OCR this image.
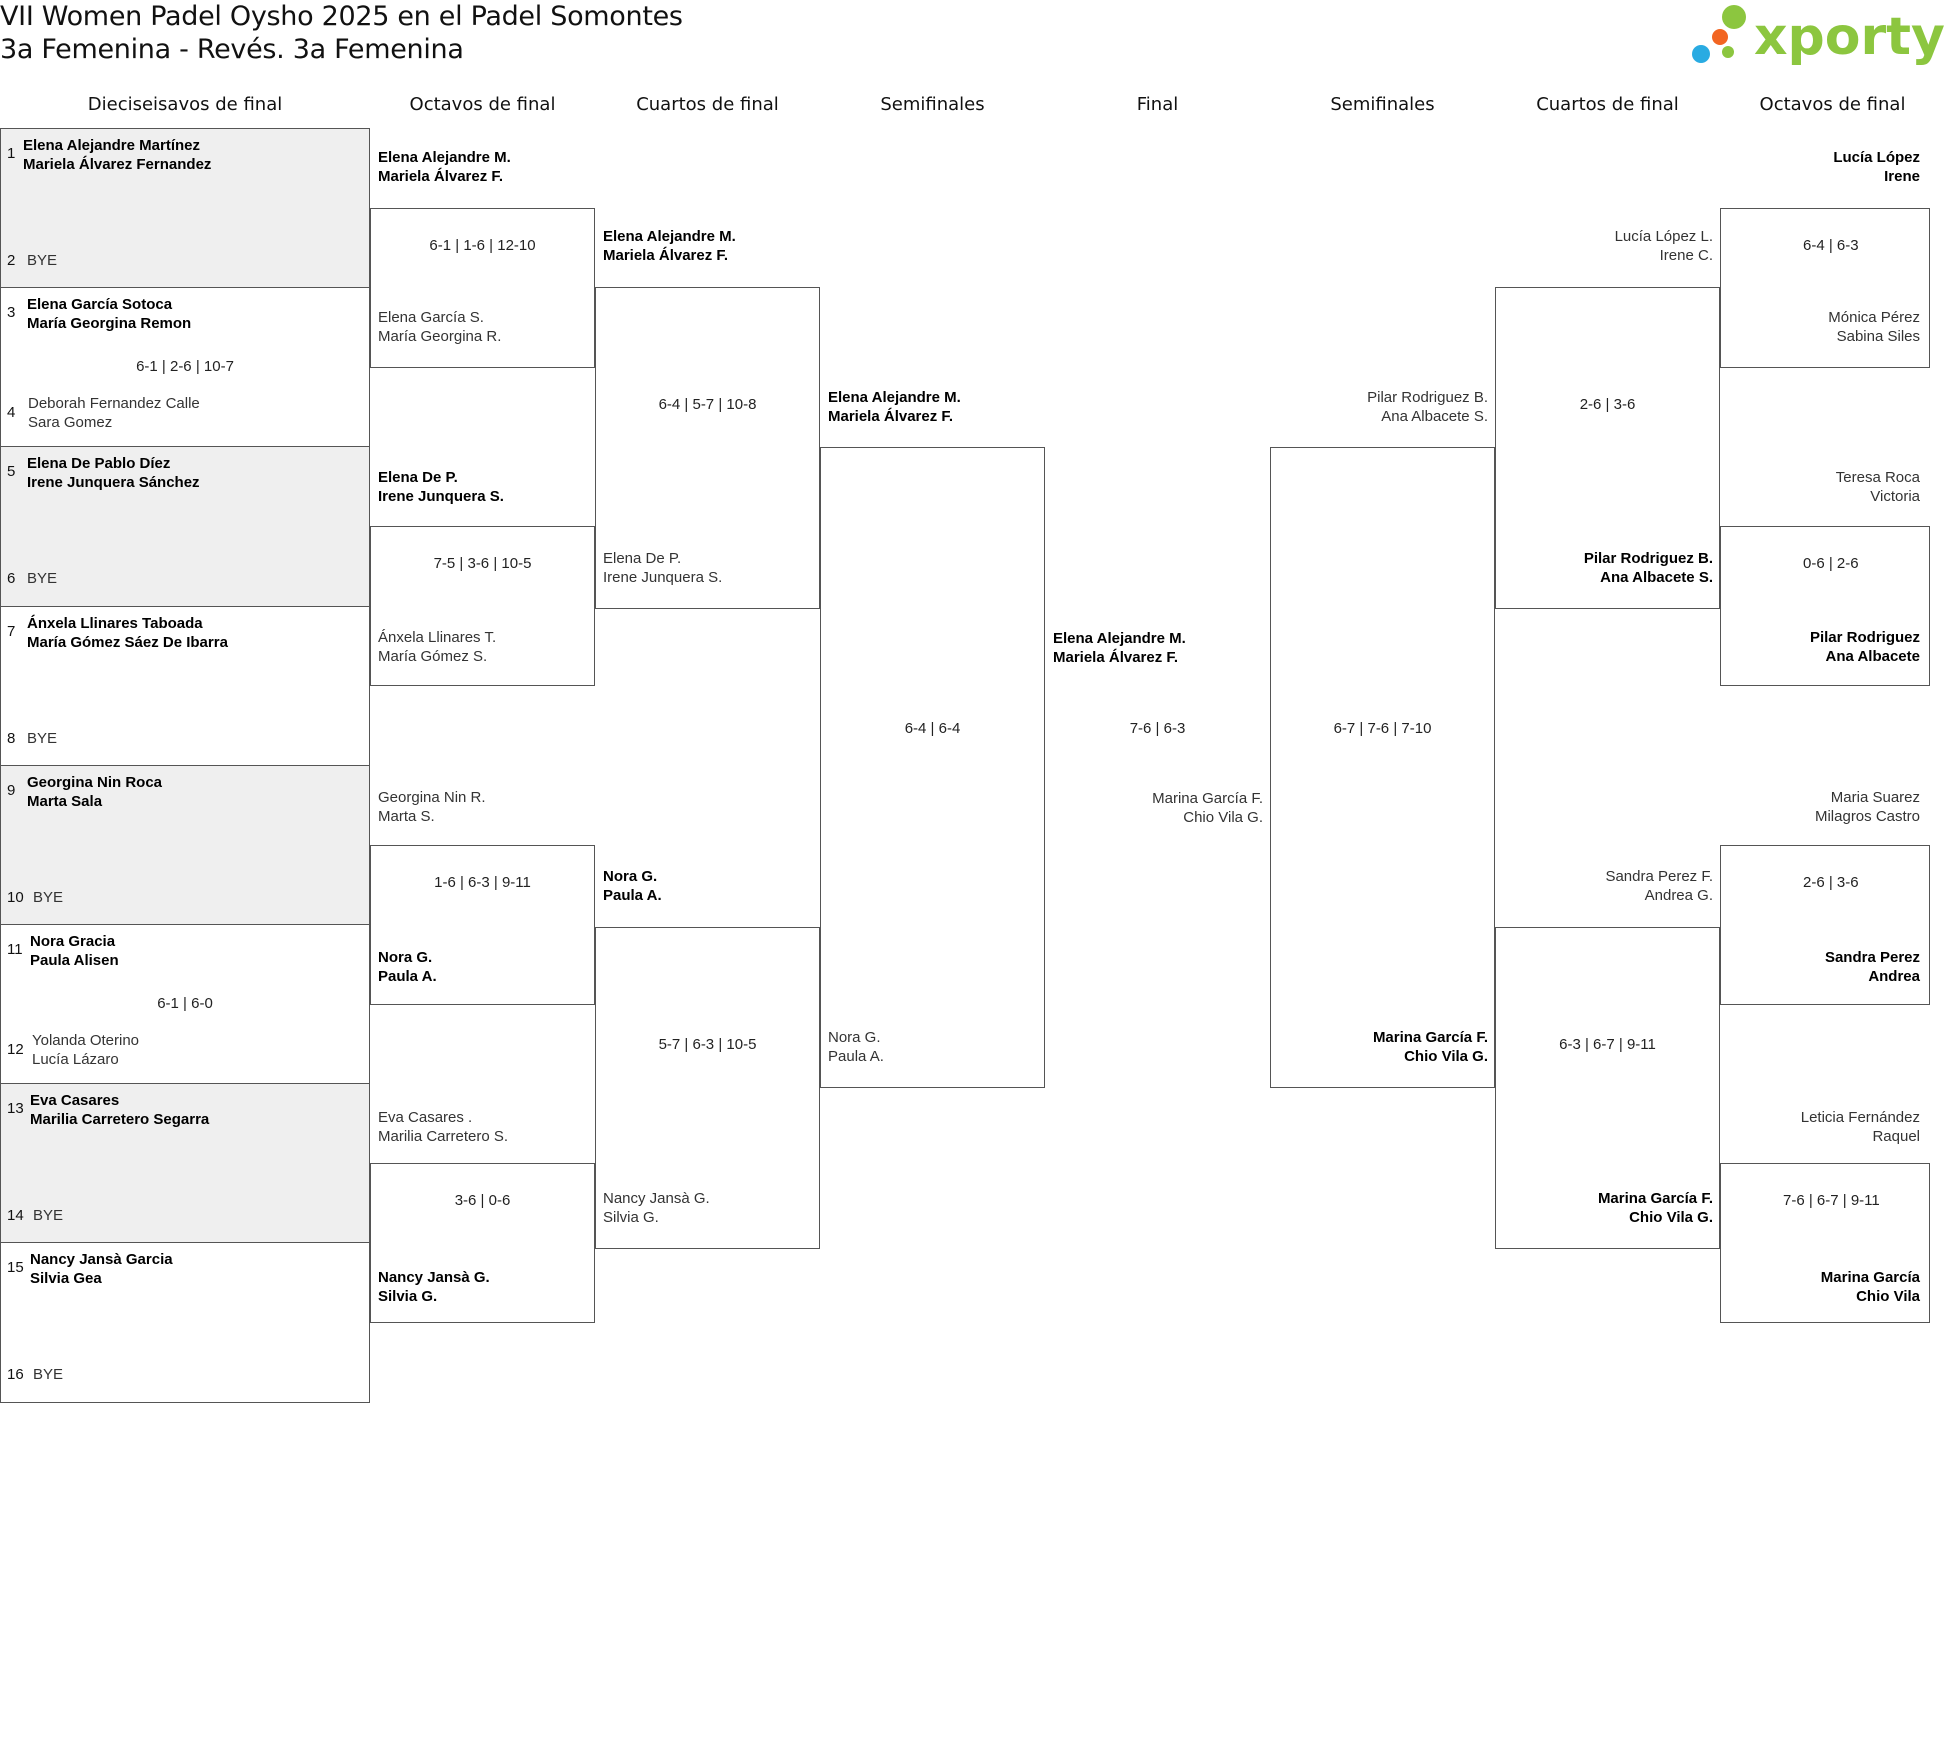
VII Women Padel Oysho 2025 en el Padel Somontes
3a Femenina - Revés. 3a Femenina	xporty
Dieciseisavos de final	Octavos de final	Cuartos de final	Semifinales	Final	Semifinales	Cuartos de final	Octavos de final
1 Elena Alejandre Martínez
Mariela Álvarez Fernandez
2 BYE
3 Elena García Sotoca
María Georgina Remon
4
Deborah Fernandez Calle
Sara Gomez
6-1 | 2-6 | 10-7
5 Elena De Pablo Díez
Irene Junquera Sánchez
6 BYE
7 Ánxela Llinares Taboada
María Gómez Sáez De Ibarra
8 BYE
9 Georgina Nin Roca
Marta Sala
10 BYE
11 Nora Gracia
Paula Alisen
12
Yolanda Oterino
Lucía Lázaro
6-1 | 6-0
13 Eva Casares
Marilia Carretero Segarra
14 BYE
15 Nancy Jansà Garcia
Silvia Gea
16 BYE
Elena Alejandre M.
Mariela Álvarez F.
Elena García S.
María Georgina R.
6-1 | 1-6 | 12-10
Elena De P.
Irene Junquera S.
Ánxela Llinares T.
María Gómez S.
7-5 | 3-6 | 10-5
Georgina Nin R.
Marta S.
Nora G.
Paula A.
1-6 | 6-3 | 9-11
Eva Casares .
Marilia Carretero S.
Nancy Jansà G.
Silvia G.
3-6 | 0-6
Elena Alejandre M.
Mariela Álvarez F.
Elena De P.
Irene Junquera S.
6-4 | 5-7 | 10-8
Nora G.
Paula A.
Nancy Jansà G.
Silvia G.
5-7 | 6-3 | 10-5
Elena Alejandre M.
Mariela Álvarez F.
Nora G.
Paula A.
6-4 | 6-4
Elena Alejandre M.
Mariela Álvarez F.
Marina García F.
Chio Vila G.
7-6 | 6-3
Pilar Rodriguez B.
Ana Albacete S.
Marina García F.
Chio Vila G.
6-7 | 7-6 | 7-10
Lucía López L.
Irene C.
Pilar Rodriguez B.
Ana Albacete S.
2-6 | 3-6
Sandra Perez F.
Andrea G.
Marina García F.
Chio Vila G.
6-3 | 6-7 | 9-11
Lucía López
Irene
Mónica Pérez
Sabina Siles
6-4 | 6-3
Teresa Roca
Victoria
Pilar Rodriguez
Ana Albacete
0-6 | 2-6
Maria Suarez
Milagros Castro
Sandra Perez
Andrea
2-6 | 3-6
Leticia Fernández
Raquel
Marina García
Chio Vila
7-6 | 6-7 | 9-11
